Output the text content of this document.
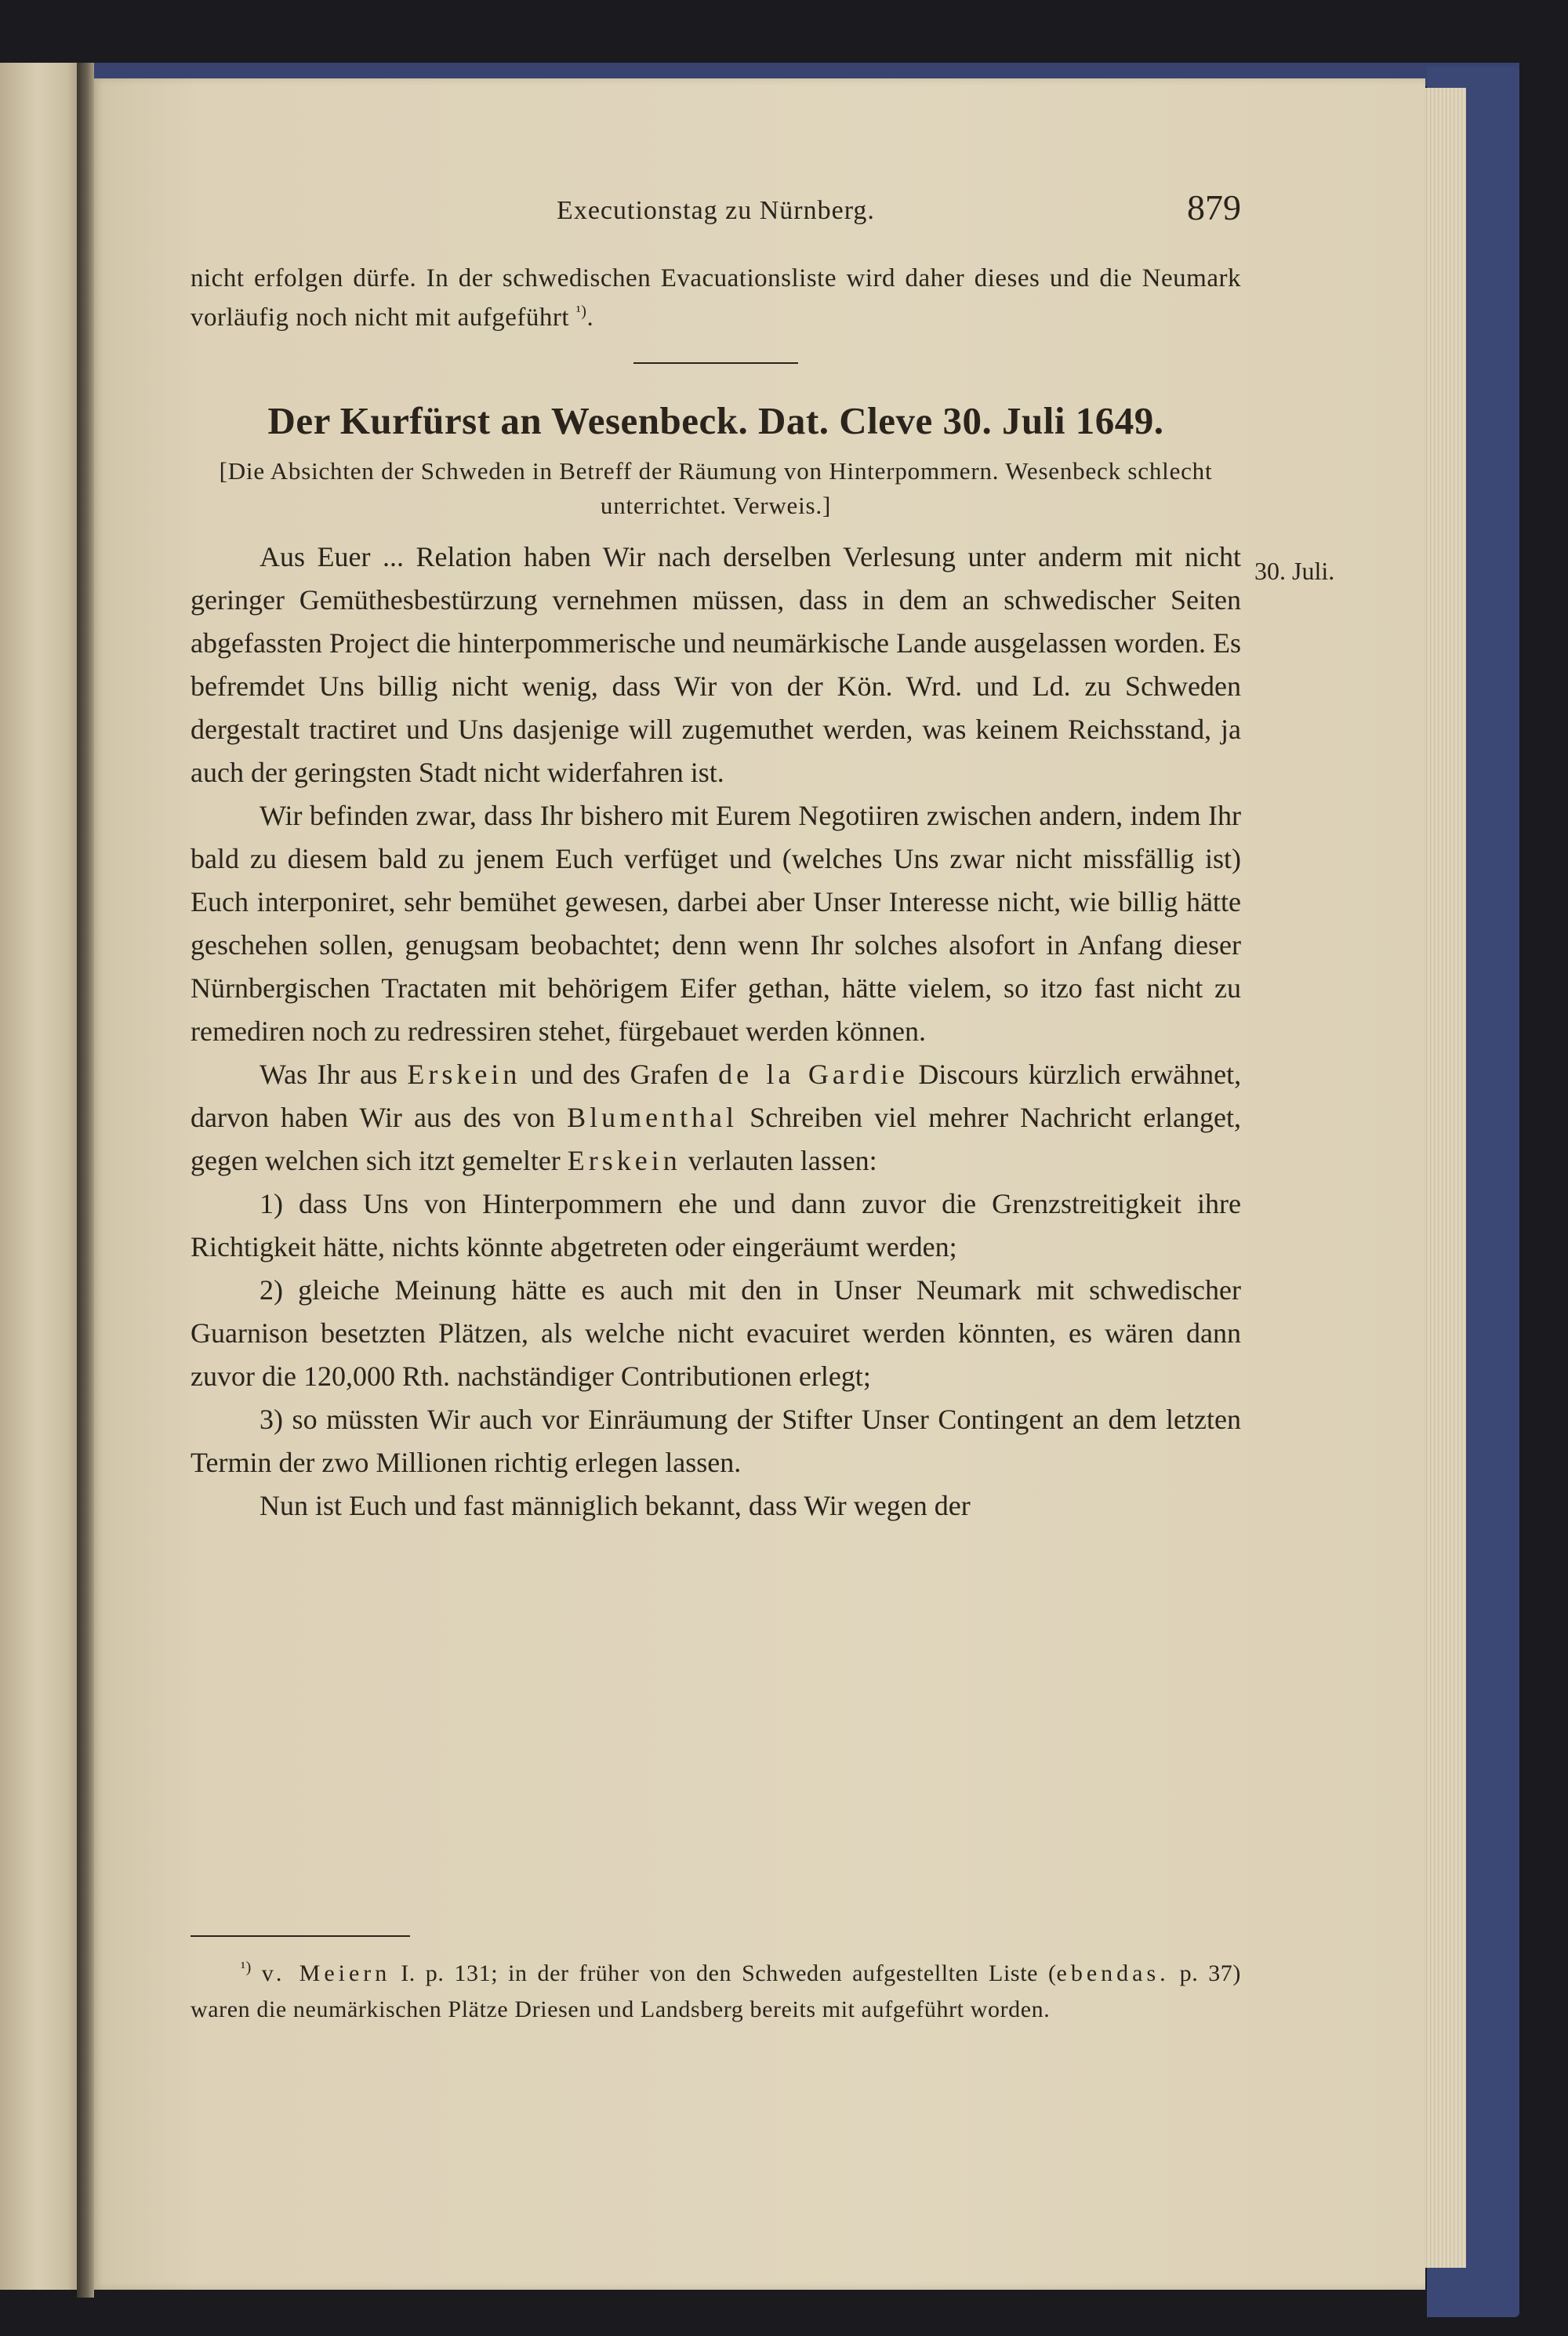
Executionstag zu Nürnberg.	879

nicht erfolgen dürfe. In der schwedischen Evacuationsliste wird daher dieses und die Neumark vorläufig noch nicht mit aufgeführt $^{^1)}$.

Der Kurfürst an Wesenbeck. Dat. Cleve 30. Juli 1649.

[Die Absichten der Schweden in Betreff der Räumung von Hinterpommern. Wesenbeck schlecht unterrichtet. Verweis.]

Aus Euer ... Relation haben Wir nach derselben Verlesung unter anderm mit nicht geringer Gemüthesbestürzung vernehmen müssen, dass in dem an schwedischer Seiten abgefassten Project die hinterpommerische und neumärkische Lande ausgelassen worden. Es befremdet Uns billig nicht wenig, dass Wir von der Kön. Wrd. und Ld. zu Schweden dergestalt tractiret und Uns dasjenige will zugemuthet werden, was keinem Reichsstand, ja auch der geringsten Stadt nicht widerfahren ist.

Wir befinden zwar, dass Ihr bishero mit Eurem Negotiiren zwischen andern, indem Ihr bald zu diesem bald zu jenem Euch verfüget und (welches Uns zwar nicht missfällig ist) Euch interponiret, sehr bemühet gewesen, darbei aber Unser Interesse nicht, wie billig hätte geschehen sollen, genugsam beobachtet; denn wenn Ihr solches alsofort in Anfang dieser Nürnbergischen Tractaten mit behörigem Eifer gethan, hätte vielem, so itzo fast nicht zu remediren noch zu redressiren stehet, fürgebauet werden können.

Was Ihr aus Erskein und des Grafen de la Gardie Discours kürzlich erwähnet, darvon haben Wir aus des von Blumenthal Schreiben viel mehrer Nachricht erlanget, gegen welchen sich itzt gemelter Erskein verlauten lassen:

1) dass Uns von Hinterpommern ehe und dann zuvor die Grenzstreitigkeit ihre Richtigkeit hätte, nichts könnte abgetreten oder eingeräumt werden;

2) gleiche Meinung hätte es auch mit den in Unser Neumark mit schwedischer Guarnison besetzten Plätzen, als welche nicht evacuiret werden könnten, es wären dann zuvor die 120,000 Rth. nachständiger Contributionen erlegt;

3) so müssten Wir auch vor Einräumung der Stifter Unser Contingent an dem letzten Termin der zwo Millionen richtig erlegen lassen.

Nun ist Euch und fast männiglich bekannt, dass Wir wegen der

30. Juli.

$^{^1)}$ v. Meiern I. p. 131; in der früher von den Schweden aufgestellten Liste (ebendas. p. 37) waren die neumärkischen Plätze Driesen und Landsberg bereits mit aufgeführt worden.
